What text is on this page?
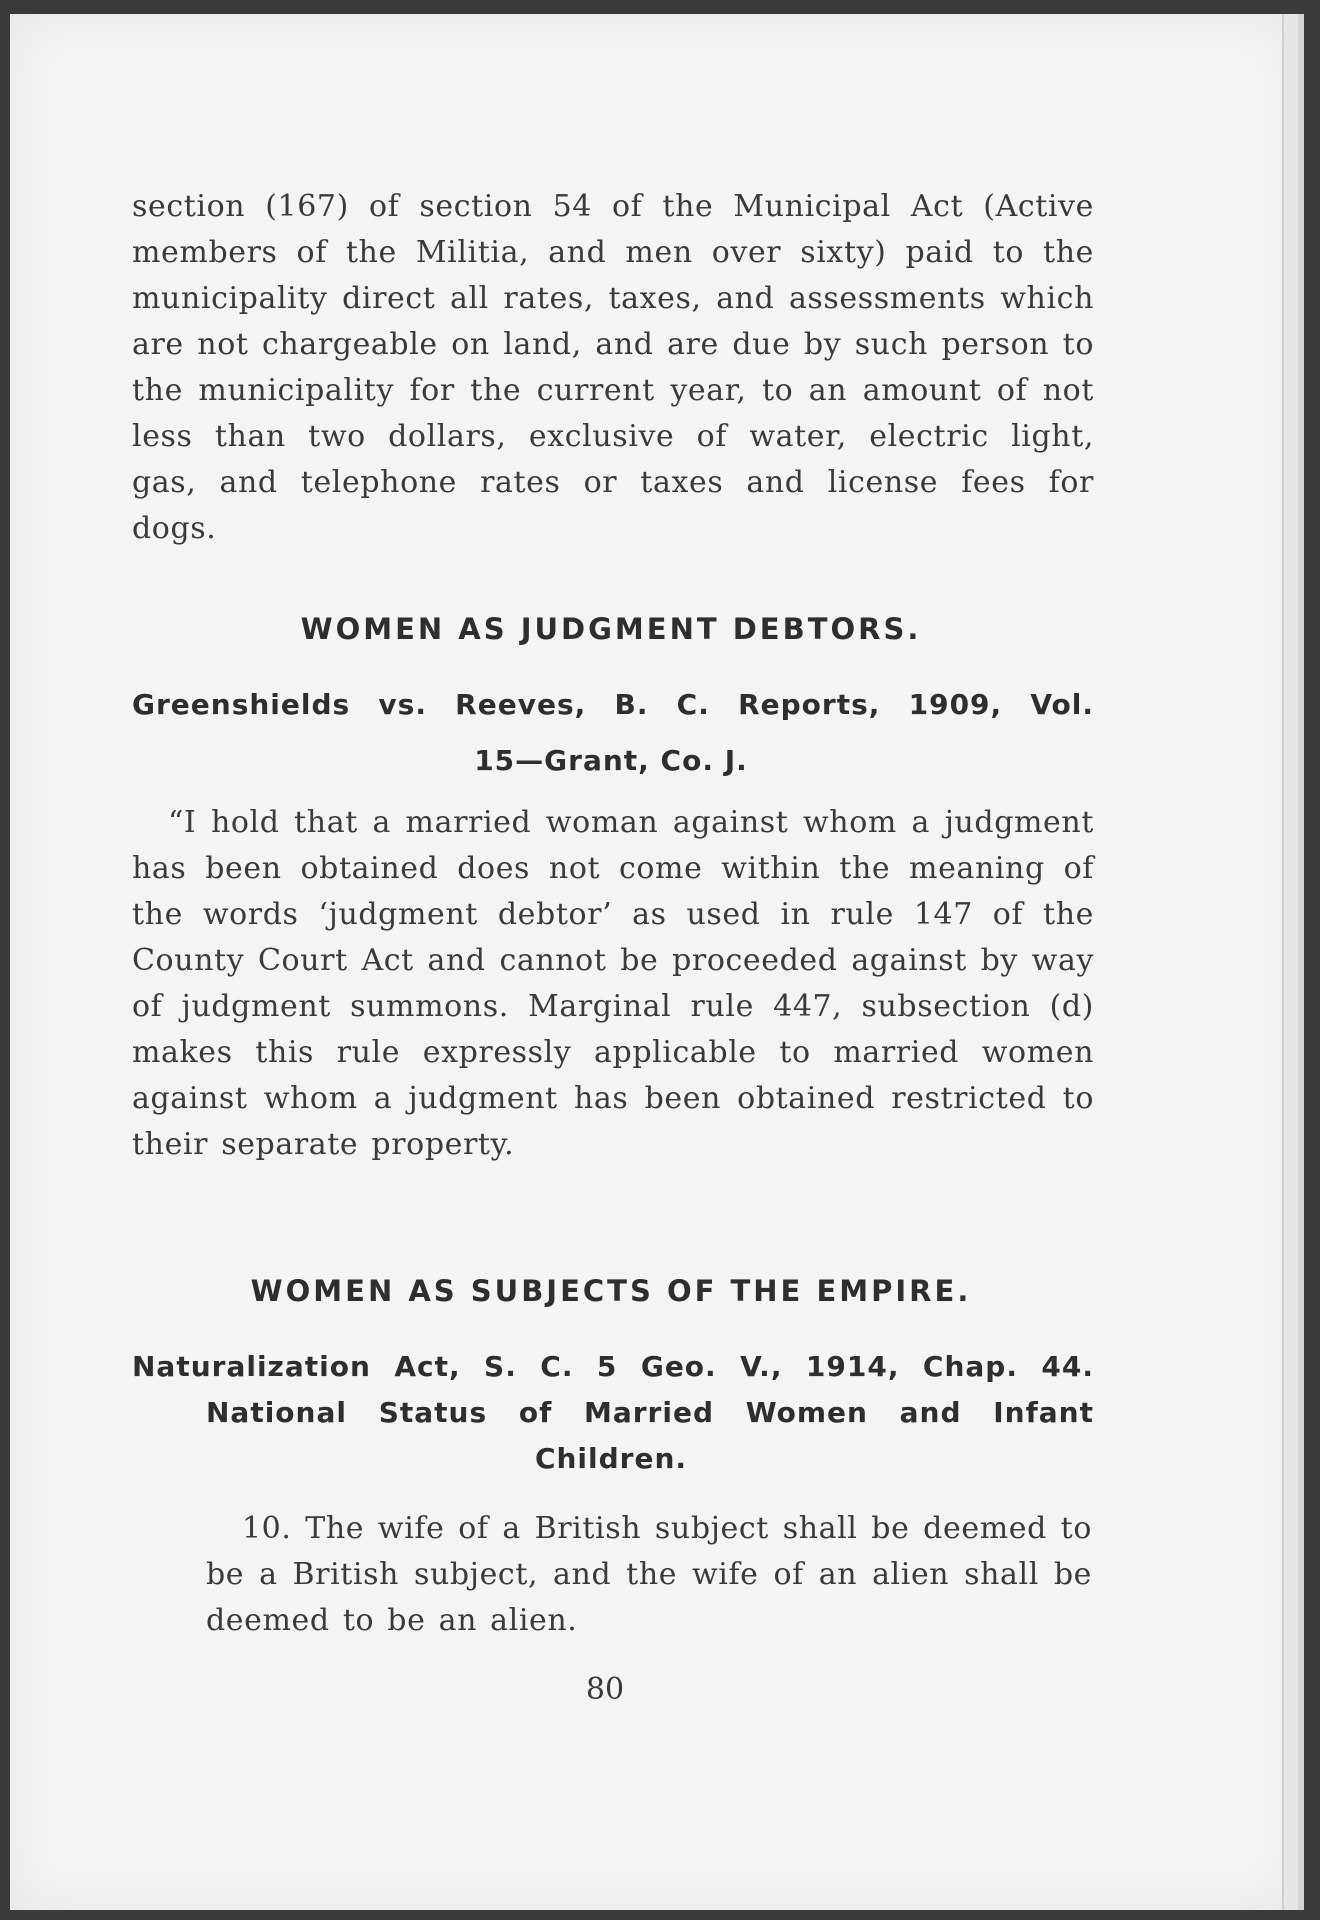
section (167) of section 54 of the Municipal Act (Active members of the Militia, and men over sixty) paid to the municipality direct all rates, taxes, and assessments which are not chargeable on land, and are due by such person to the municipality for the current year, to an amount of not less than two dollars, exclusive of water, electric light, gas, and telephone rates or taxes and license fees for dogs.
WOMEN AS JUDGMENT DEBTORS.
Greenshields vs. Reeves, B. C. Reports, 1909, Vol.
15—Grant, Co. J.
“I hold that a married woman against whom a judgment has been obtained does not come within the meaning of the words ‘judgment debtor’ as used in rule 147 of the County Court Act and cannot be proceeded against by way of judgment summons. Marginal rule 447, subsection (d) makes this rule expressly applicable to married women against whom a judgment has been obtained restricted to their separate property.
WOMEN AS SUBJECTS OF THE EMPIRE.
Naturalization Act, S. C. 5 Geo. V., 1914, Chap. 44.
National Status of Married Women and Infant
Children.
10. The wife of a British subject shall be deemed to be a British subject, and the wife of an alien shall be deemed to be an alien.
80
